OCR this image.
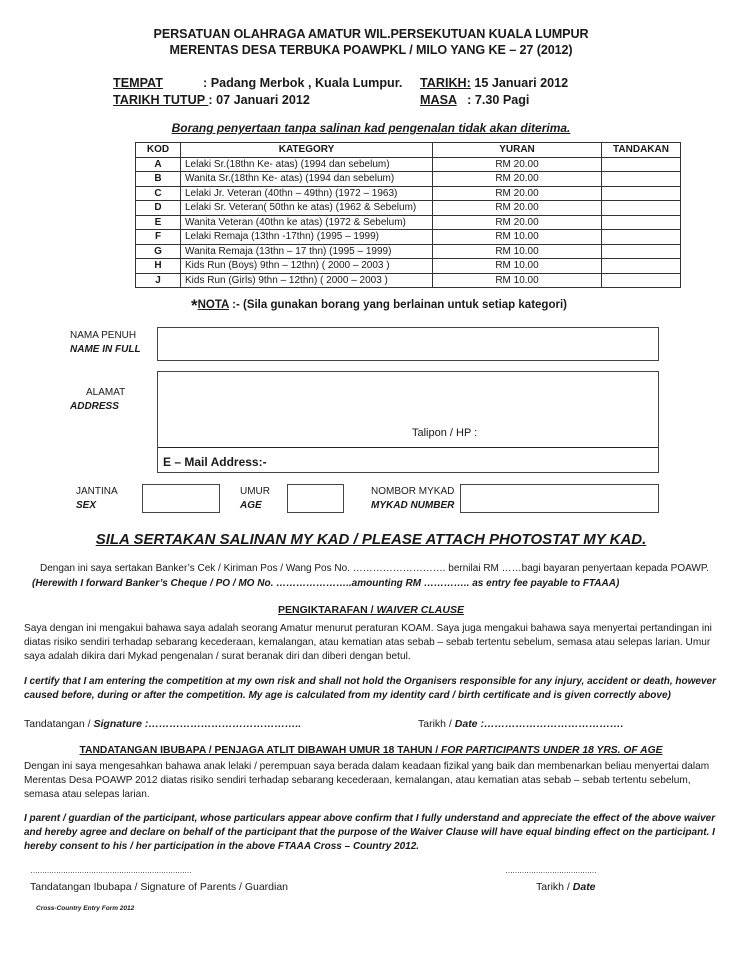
PERSATUAN OLAHRAGA AMATUR WIL.PERSEKUTUAN KUALA LUMPUR
MERENTAS DESA TERBUKA POAWPKL / MILO YANG KE – 27 (2012)
TEMPAT	: Padang Merbok , Kuala Lumpur.
TARIKH TUTUP : 07 Januari 2012
TARIKH: 15 Januari 2012
MASA   : 7.30 Pagi
Borang penyertaan tanpa salinan kad pengenalan tidak akan diterima.
KOD	KATEGORY	YURAN	TANDAKAN
A	Lelaki Sr.(18thn Ke- atas) (1994 dan sebelum)	RM 20.00	
B	Wanita Sr.(18thn Ke- atas) (1994 dan sebelum)	RM 20.00	
C	Lelaki Jr. Veteran (40thn – 49thn) (1972 – 1963)	RM 20.00	
D	Lelaki Sr. Veteran( 50thn ke atas) (1962 & Sebelum)	RM 20.00	
E	Wanita Veteran (40thn ke atas) (1972 & Sebelum)	RM 20.00	
F	Lelaki Remaja (13thn -17thn) (1995 – 1999)	RM 10.00	
G	Wanita Remaja (13thn – 17 thn) (1995 – 1999)	RM 10.00	
H	Kids Run (Boys) 9thn – 12thn) ( 2000 – 2003 )	RM 10.00	
J	Kids Run (Girls) 9thn – 12thn) ( 2000 – 2003 )	RM 10.00	
*NOTA :- (Sila gunakan borang yang berlainan untuk setiap kategori)
NAMA PENUH
NAME IN FULL
ALAMAT
ADDRESS
Talipon / HP :
E – Mail Address:-
JANTINA
SEX
UMUR
AGE
NOMBOR MYKAD
MYKAD NUMBER
SILA SERTAKAN SALINAN MY KAD / PLEASE ATTACH PHOTOSTAT MY KAD.
Dengan ini saya sertakan Banker’s Cek / Kiriman Pos / Wang Pos No. ………………………. bernilai RM ……bagi bayaran penyertaan kepada POAWP.
(Herewith I forward Banker’s Cheque / PO / MO No. …………………..amounting RM ………….. as entry fee payable to FTAAA)
PENGIKTARAFAN / WAIVER CLAUSE
Saya dengan ini mengakui bahawa saya adalah seorang Amatur menurut peraturan KOAM. Saya juga mengakui bahawa saya menyertai pertandingan ini diatas risiko sendiri terhadap sebarang kecederaan, kemalangan, atau kematian atas sebab – sebab tertentu sebelum, semasa atau selepas larian. Umur saya adalah dikira dari Mykad pengenalan / surat beranak diri dan diberi dengan betul.
I certify that I am entering the competition at my own risk and shall not hold the Organisers responsible for any injury, accident or death, however caused before, during or after the competition. My age is calculated from my identity card / birth certificate and is given correctly above)
Tandatangan / Signature :……………………………………..	Tarikh / Date :………………………………….
TANDATANGAN IBUBAPA / PENJAGA ATLIT DIBAWAH UMUR 18 TAHUN / FOR PARTICIPANTS UNDER 18 YRS. OF AGE
Dengan ini saya mengesahkan bahawa anak lelaki / perempuan saya berada dalam keadaan fizikal yang baik dan membenarkan beliau menyertai dalam Merentas Desa POAWP 2012 diatas risiko sendiri terhadap sebarang kecederaan, kemalangan, atau kematian atas sebab – sebab tertentu sebelum, semasa atau selepas larian.
I parent / guardian of the participant, whose particulars appear above confirm that I fully understand and appreciate the effect of the above waiver and hereby agree and declare on behalf of the participant that the purpose of the Waiver Clause will have equal binding effect on the participant. I hereby consent to his / her participation in the above FTAAA Cross – Country 2012.
……………………………………………………………
Tandatangan Ibubapa / Signature of Parents / Guardian
…………………………………
Tarikh / Date
Cross-Country Entry Form 2012
